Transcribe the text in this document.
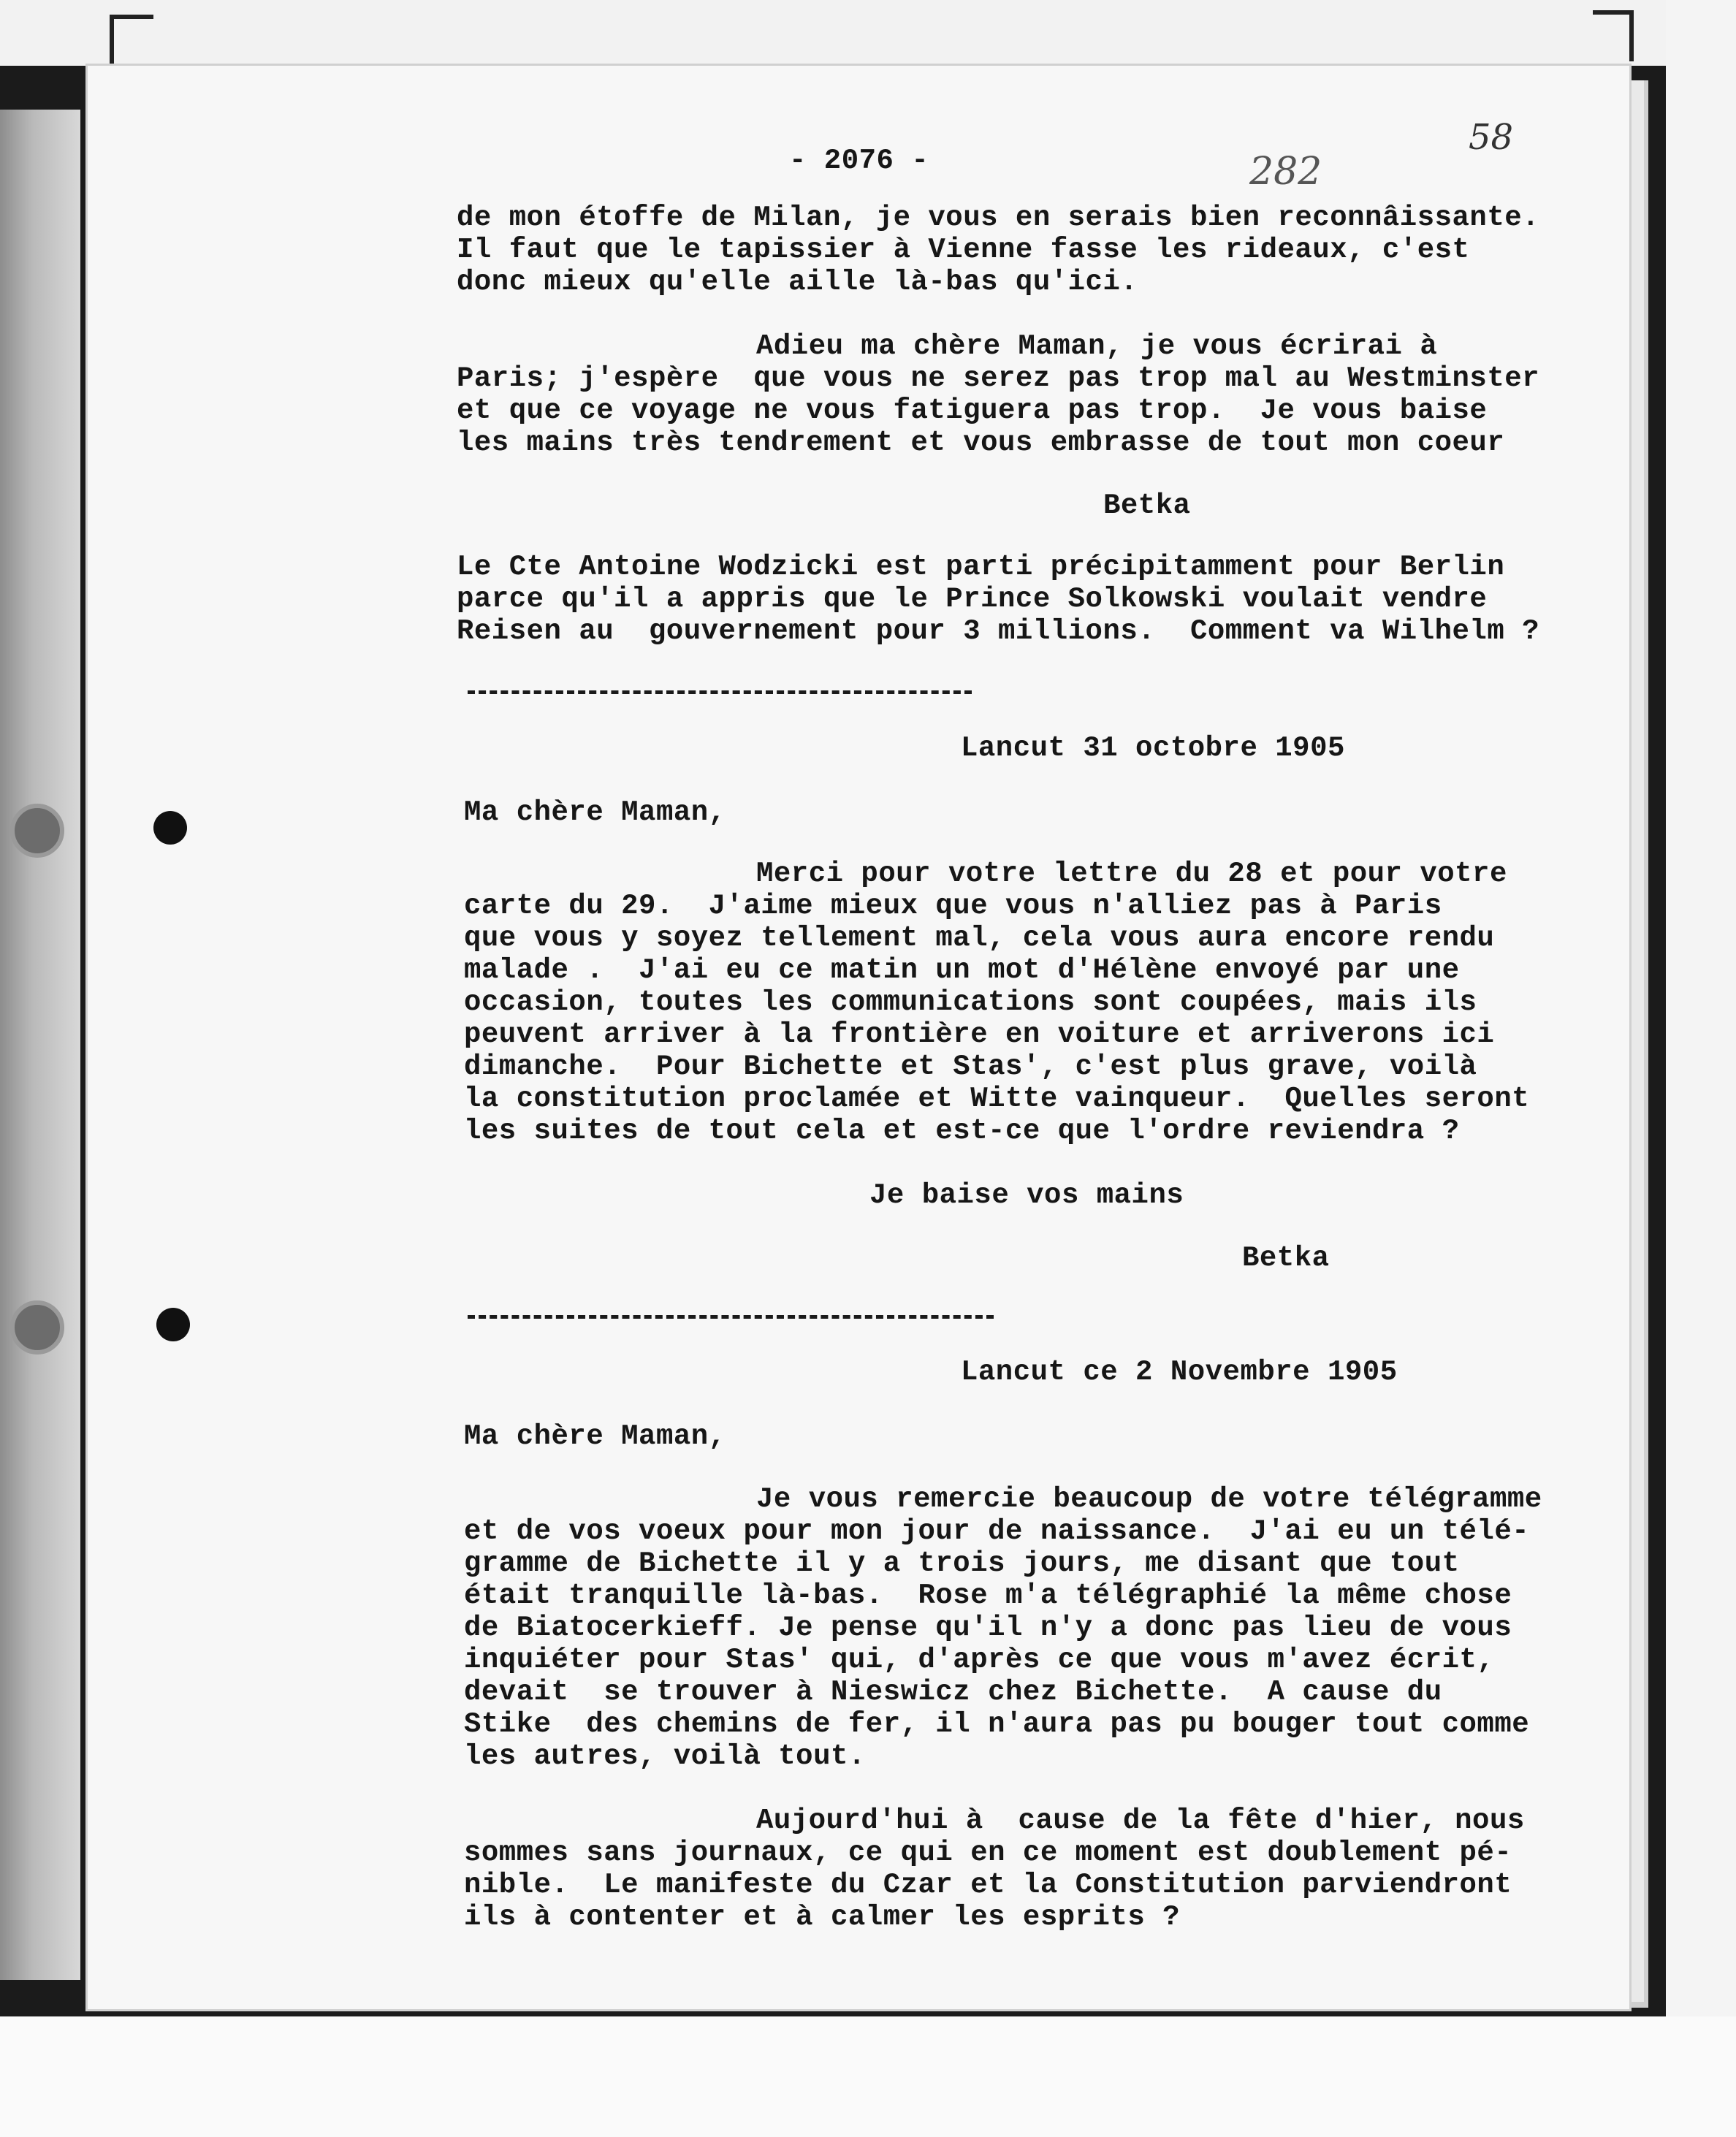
- 2076 -	282

58

de mon étoffe de Milan, je vous en serais bien reconnâissante.

Il faut que le tapissier à Vienne fasse les rideaux, c'est

donc mieux qu'elle aille là-bas qu'ici.

Adieu ma chère Maman, je vous écrirai à

Paris; j'espère  que vous ne serez pas trop mal au Westminster

et que ce voyage ne vous fatiguera pas trop.  Je vous baise

les mains très tendrement et vous embrasse de tout mon coeur

Betka

Le Cte Antoine Wodzicki est parti précipitamment pour Berlin

parce qu'il a appris que le Prince Solkowski voulait vendre

Reisen au  gouvernement pour 3 millions.  Comment va Wilhelm ?

Lancut 31 octobre 1905

Ma chère Maman,

Merci pour votre lettre du 28 et pour votre

carte du 29.  J'aime mieux que vous n'alliez pas à Paris

que vous y soyez tellement mal, cela vous aura encore rendu

malade .  J'ai eu ce matin un mot d'Hélène envoyé par une

occasion, toutes les communications sont coupées, mais ils

peuvent arriver à la frontière en voiture et arriverons ici

dimanche.  Pour Bichette et Stas', c'est plus grave, voilà

la constitution proclamée et Witte vainqueur.  Quelles seront

les suites de tout cela et est-ce que l'ordre reviendra ?

Je baise vos mains

Betka

Lancut ce 2 Novembre 1905

Ma chère Maman,

Je vous remercie beaucoup de votre télégramme

et de vos voeux pour mon jour de naissance.  J'ai eu un télé-

gramme de Bichette il y a trois jours, me disant que tout

était tranquille là-bas.  Rose m'a télégraphié la même chose

de Biatocerkieff. Je pense qu'il n'y a donc pas lieu de vous

inquiéter pour Stas' qui, d'après ce que vous m'avez écrit,

devait  se trouver à Nieswicz chez Bichette.  A cause du

Stike  des chemins de fer, il n'aura pas pu bouger tout comme

les autres, voilà tout.

Aujourd'hui à  cause de la fête d'hier, nous

sommes sans journaux, ce qui en ce moment est doublement pé-

nible.  Le manifeste du Czar et la Constitution parviendront

ils à contenter et à calmer les esprits ?
